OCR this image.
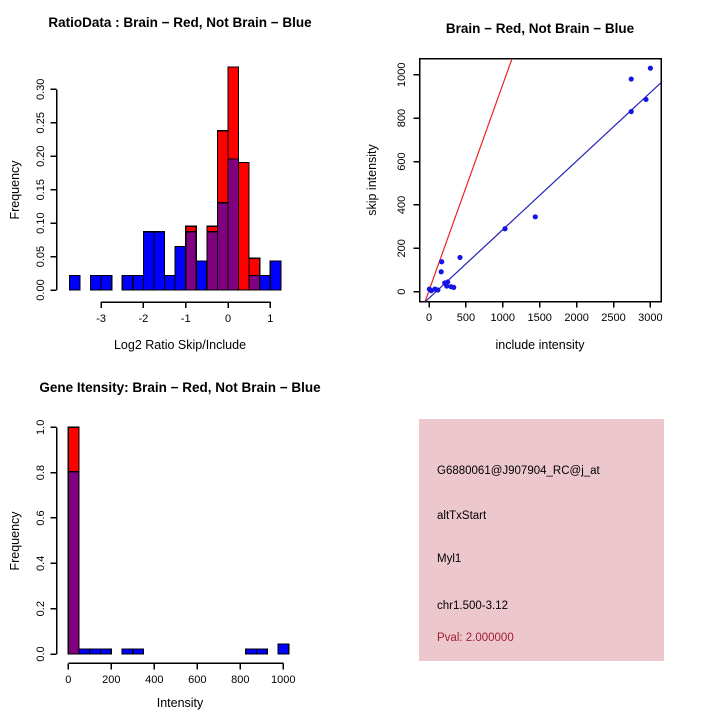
0.00
0.05
0.10
0.15
0.20
0.25
0.30
-3	-2	-1	0	1
RatioData : Brain − Red, Not Brain − Blue
Log2 Ratio Skip/Include
Frequency
0 500 1000 1500 2000 2500 3000
0
200
400
600
800
1000
Brain − Red, Not Brain − Blue
include intensity
skip intensity
0.0
0.2
0.4
0.6
0.8
1.0
0	200 400 600 800 1000
Gene Itensity: Brain − Red, Not Brain − Blue
Intensity
Frequency
G6880061@J907904_RC@j_at
altTxStart
Myl1
chr1.500-3.12
Pval: 2.000000
